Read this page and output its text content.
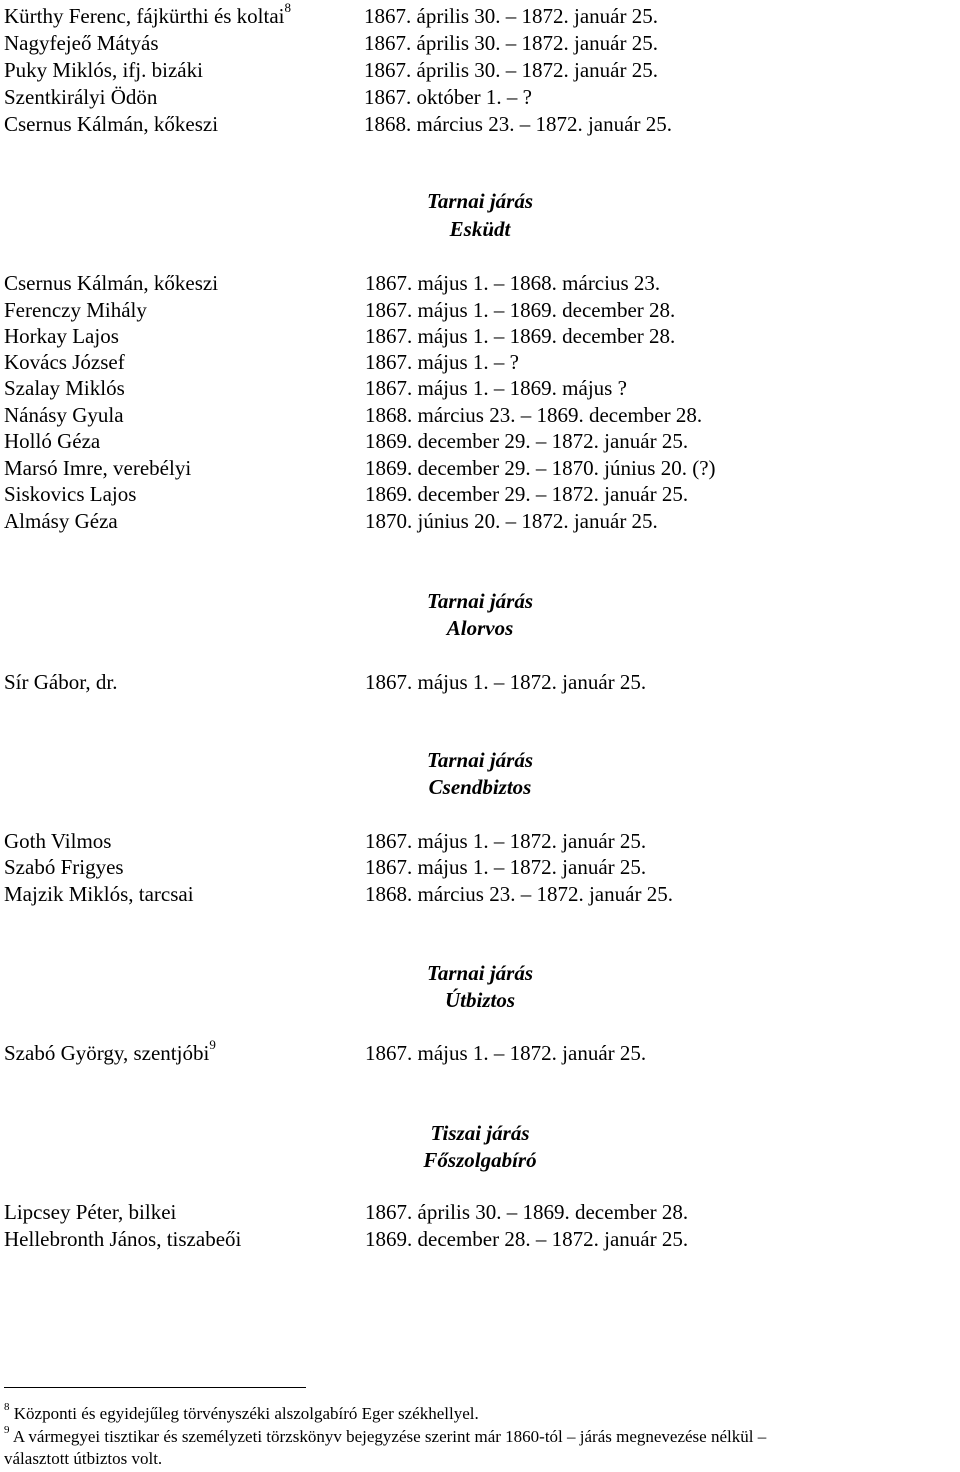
Kürthy Ferenc, fájkürthi és koltai$^8$	1867. április 30. – 1872. január 25.
Nagyfejeő Mátyás	1867. április 30. – 1872. január 25.
Puky Miklós, ifj. bizáki	1867. április 30. – 1872. január 25.
Szentkirályi Ödön	1867. október 1. – ?
Csernus Kálmán, kőkeszi	1868. március 23. – 1872. január 25.
Tarnai járás
Esküdt
Csernus Kálmán, kőkeszi	1867. május 1. – 1868. március 23.
Ferenczy Mihály	1867. május 1. – 1869. december 28.
Horkay Lajos	1867. május 1. – 1869. december 28.
Kovács József	1867. május 1. – ?
Szalay Miklós	1867. május 1. – 1869. május ?
Nánásy Gyula	1868. március 23. – 1869. december 28.
Holló Géza	1869. december 29. – 1872. január 25.
Marsó Imre, verebélyi	1869. december 29. – 1870. június 20. (?)
Siskovics Lajos	1869. december 29. – 1872. január 25.
Almásy Géza	1870. június 20. – 1872. január 25.
Tarnai járás
Alorvos
Sír Gábor, dr.	1867. május 1. – 1872. január 25.
Tarnai járás
Csendbiztos
Goth Vilmos	1867. május 1. – 1872. január 25.
Szabó Frigyes	1867. május 1. – 1872. január 25.
Majzik Miklós, tarcsai	1868. március 23. – 1872. január 25.
Tarnai járás
Útbiztos
Szabó György, szentjóbi$^9$	1867. május 1. – 1872. január 25.
Tiszai járás
Főszolgabíró
Lipcsey Péter, bilkei	1867. április 30. – 1869. december 28.
Hellebronth János, tiszabeői	1869. december 28. – 1872. január 25.
$^8$ Központi és egyidejűleg törvényszéki alszolgabíró Eger székhellyel.
$^9$ A vármegyei tisztikar és személyzeti törzskönyv bejegyzése szerint már 1860-tól – járás megnevezése nélkül –
választott útbiztos volt.
